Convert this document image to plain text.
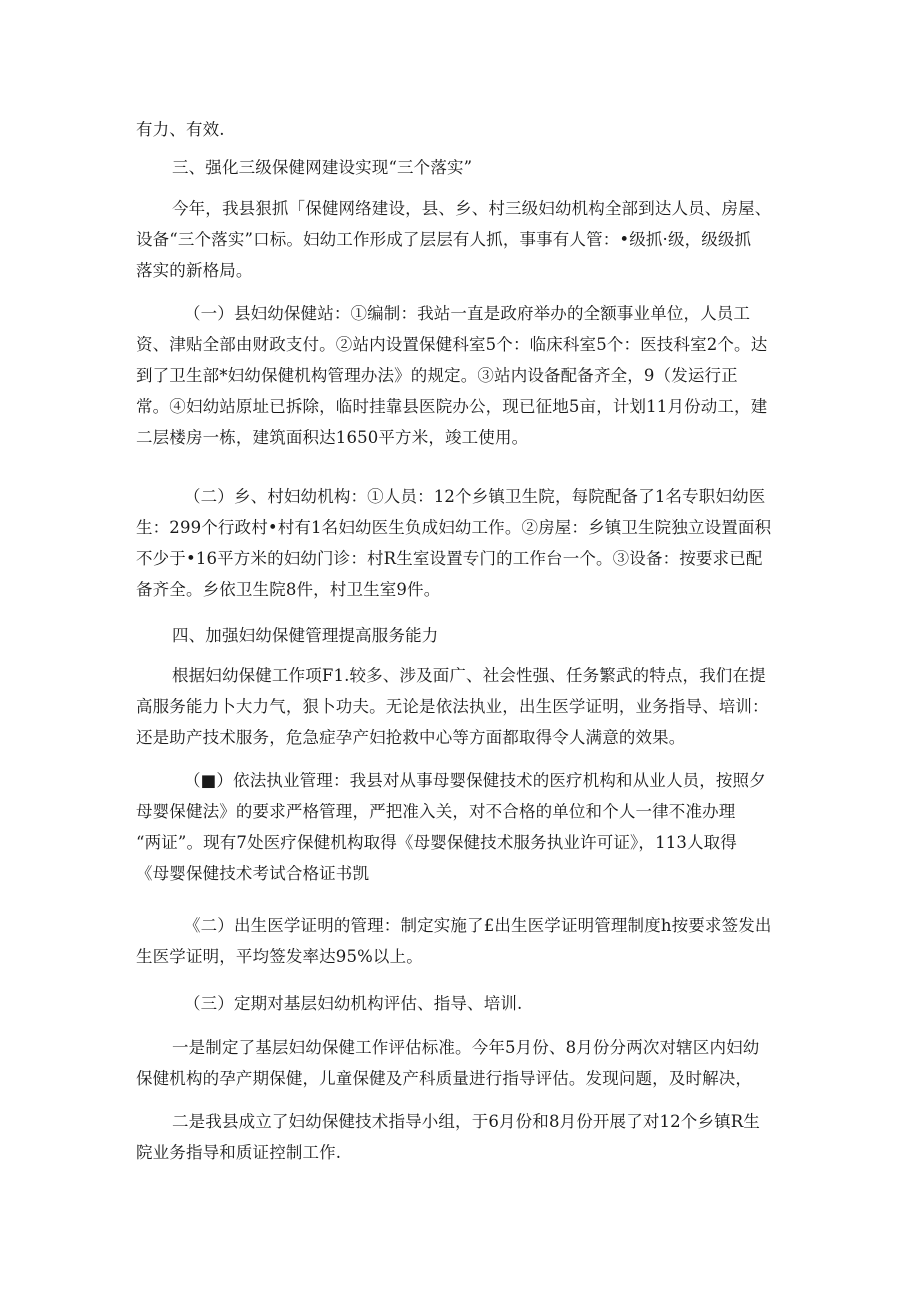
有力、有效.

三、强化三级保健网建设实现“三个落实”

今年，我县狠抓「保健网络建设，县、乡、村三级妇幼机构全部到达人员、房屋、
设备“三个落实”口标。妇幼工作形成了层层有人抓，事事有人管：•级抓·级，级级抓
落实的新格局。

（一）县妇幼保健站：①编制：我站一直是政府举办的全额事业单位，人员工
资、津贴全部由财政支付。②站内设置保健科室5个：临床科室5个：医技科室2个。达
到了卫生部*妇幼保健机构管理办法》的规定。③站内设备配备齐全，9（发运行正
常。④妇幼站原址已拆除，临时挂靠县医院办公，现已征地5亩，计划11月份动工，建
二层楼房一栋，建筑面积达1650平方米，竣工使用。

（二）乡、村妇幼机构：①人员：12个乡镇卫生院，每院配备了1名专职妇幼医
生：299个行政村•村有1名妇幼医生负成妇幼工作。②房屋：乡镇卫生院独立设置面积
不少于•16平方米的妇幼门诊：村R生室设置专门的工作台一个。③设备：按要求已配
备齐全。乡依卫生院8件，村卫生室9件。

四、加强妇幼保健管理提高服务能力

根据妇幼保健工作项F1.较多、涉及面广、社会性强、任务繁武的特点，我们在提
高服务能力卜大力气，狠卜功夫。无论是依法执业，出生医学证明，业务指导、培训：
还是助产技术服务，危急症孕产妇抢救中心等方面都取得令人满意的效果。

（■）依法执业管理：我县对从事母婴保健技术的医疗机构和从业人员，按照夕
母婴保健法》的要求严格管理，严把准入关，对不合格的单位和个人一律不准办理
“两证”。现有7处医疗保健机构取得《母婴保健技术服务执业许可证》，113人取得
《母婴保健技术考试合格证书凯

《二）出生医学证明的管理：制定实施了£出生医学证明管理制度h按要求签发出
生医学证明，平均签发率达95%以上。

（三）定期对基层妇幼机构评估、指导、培训.

一是制定了基层妇幼保健工作评估标准。今年5月份、8月份分两次对辖区内妇幼
保健机构的孕产期保健，儿童保健及产科质量进行指导评估。发现问题，及时解决，

二是我县成立了妇幼保健技术指导小组，于6月份和8月份开展了对12个乡镇R生
院业务指导和质证控制工作.
